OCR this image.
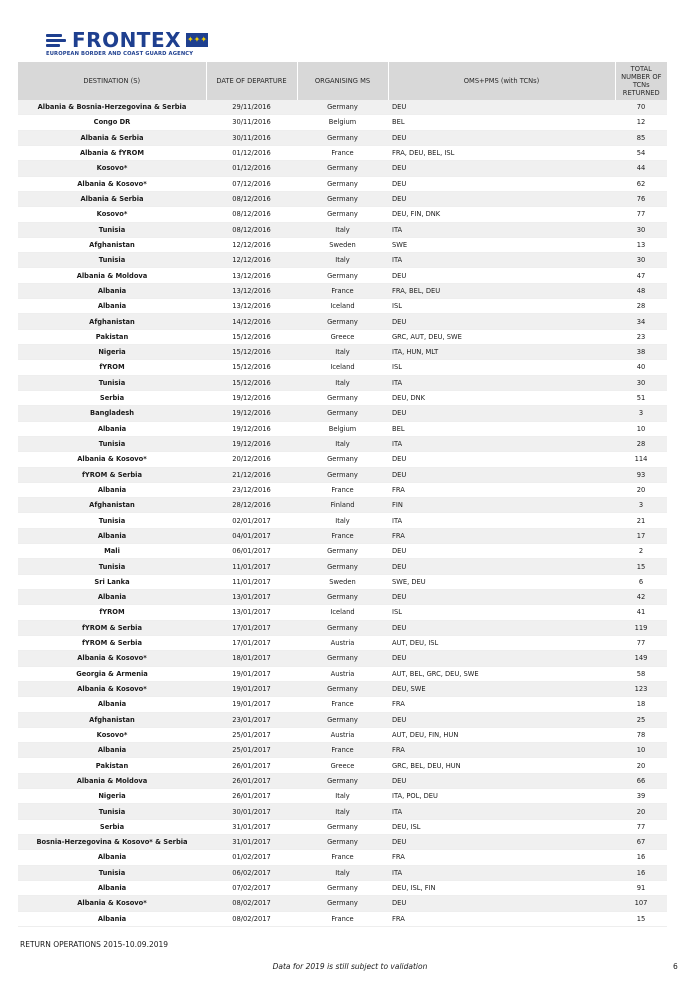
FRONTEX ✦✦✦
EUROPEAN BORDER AND COAST GUARD AGENCY
DESTINATION (S)	DATE OF DEPARTURE	ORGANISING MS	OMS+PMS (with TCNs)	TOTAL NUMBER OF TCNs RETURNED
Albania & Bosnia-Herzegovina & Serbia	29/11/2016	Germany	DEU	70
Congo DR	30/11/2016	Belgium	BEL	12
Albania & Serbia	30/11/2016	Germany	DEU	85
Albania & fYROM	01/12/2016	France	FRA, DEU, BEL, ISL	54
Kosovo*	01/12/2016	Germany	DEU	44
Albania & Kosovo*	07/12/2016	Germany	DEU	62
Albania & Serbia	08/12/2016	Germany	DEU	76
Kosovo*	08/12/2016	Germany	DEU, FIN, DNK	77
Tunisia	08/12/2016	Italy	ITA	30
Afghanistan	12/12/2016	Sweden	SWE	13
Tunisia	12/12/2016	Italy	ITA	30
Albania & Moldova	13/12/2016	Germany	DEU	47
Albania	13/12/2016	France	FRA, BEL, DEU	48
Albania	13/12/2016	Iceland	ISL	28
Afghanistan	14/12/2016	Germany	DEU	34
Pakistan	15/12/2016	Greece	GRC, AUT, DEU, SWE	23
Nigeria	15/12/2016	Italy	ITA, HUN, MLT	38
fYROM	15/12/2016	Iceland	ISL	40
Tunisia	15/12/2016	Italy	ITA	30
Serbia	19/12/2016	Germany	DEU, DNK	51
Bangladesh	19/12/2016	Germany	DEU	3
Albania	19/12/2016	Belgium	BEL	10
Tunisia	19/12/2016	Italy	ITA	28
Albania & Kosovo*	20/12/2016	Germany	DEU	114
fYROM & Serbia	21/12/2016	Germany	DEU	93
Albania	23/12/2016	France	FRA	20
Afghanistan	28/12/2016	Finland	FIN	3
Tunisia	02/01/2017	Italy	ITA	21
Albania	04/01/2017	France	FRA	17
Mali	06/01/2017	Germany	DEU	2
Tunisia	11/01/2017	Germany	DEU	15
Sri Lanka	11/01/2017	Sweden	SWE, DEU	6
Albania	13/01/2017	Germany	DEU	42
fYROM	13/01/2017	Iceland	ISL	41
fYROM & Serbia	17/01/2017	Germany	DEU	119
fYROM & Serbia	17/01/2017	Austria	AUT, DEU, ISL	77
Albania & Kosovo*	18/01/2017	Germany	DEU	149
Georgia & Armenia	19/01/2017	Austria	AUT, BEL, GRC, DEU, SWE	58
Albania & Kosovo*	19/01/2017	Germany	DEU, SWE	123
Albania	19/01/2017	France	FRA	18
Afghanistan	23/01/2017	Germany	DEU	25
Kosovo*	25/01/2017	Austria	AUT, DEU, FIN, HUN	78
Albania	25/01/2017	France	FRA	10
Pakistan	26/01/2017	Greece	GRC, BEL, DEU, HUN	20
Albania & Moldova	26/01/2017	Germany	DEU	66
Nigeria	26/01/2017	Italy	ITA, POL, DEU	39
Tunisia	30/01/2017	Italy	ITA	20
Serbia	31/01/2017	Germany	DEU, ISL	77
Bosnia-Herzegovina & Kosovo* & Serbia	31/01/2017	Germany	DEU	67
Albania	01/02/2017	France	FRA	16
Tunisia	06/02/2017	Italy	ITA	16
Albania	07/02/2017	Germany	DEU, ISL, FIN	91
Albania & Kosovo*	08/02/2017	Germany	DEU	107
Albania	08/02/2017	France	FRA	15
RETURN OPERATIONS 2015-10.09.2019
Data for 2019 is still subject to validation	6
